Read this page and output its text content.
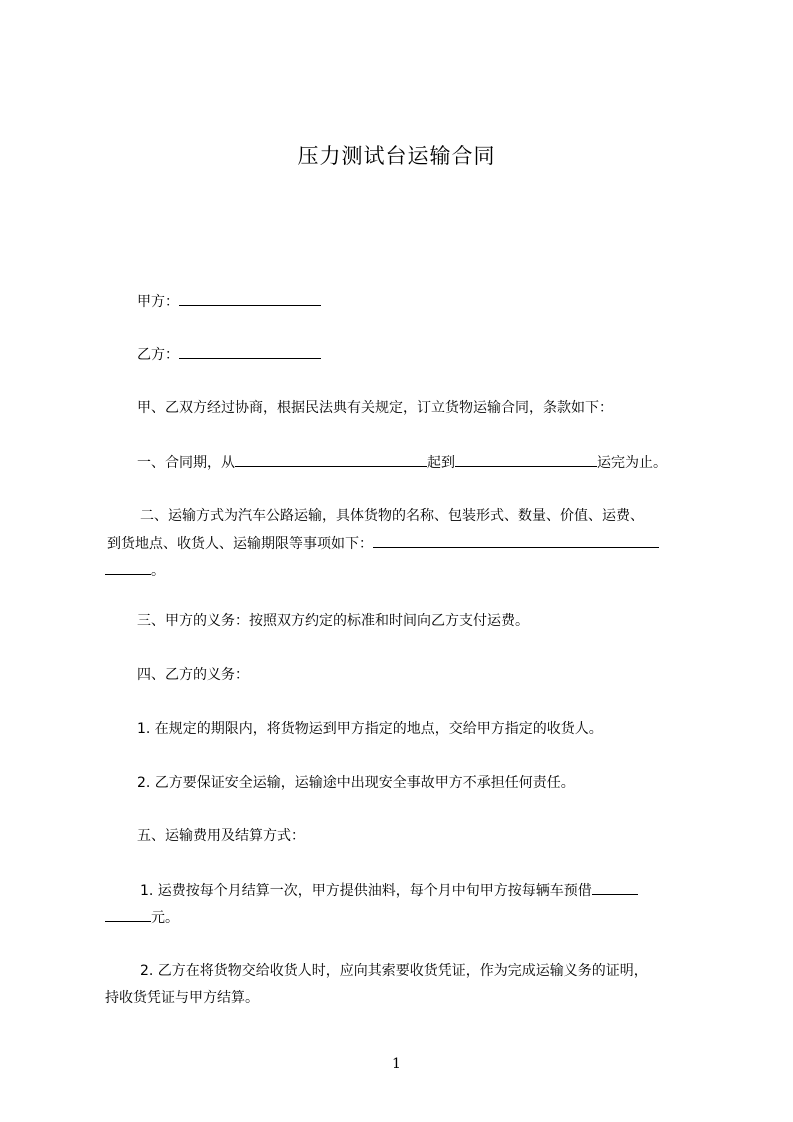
压力测试台运输合同
甲方：
乙方：
甲、乙双方经过协商，根据民法典有关规定，订立货物运输合同，条款如下：
一、合同期，从	起到	运完为止。
二、运输方式为汽车公路运输，具体货物的名称、包装形式、数量、价值、运费、
到货地点、收货人、运输期限等事项如下：
。
三、甲方的义务：按照双方约定的标准和时间向乙方支付运费。
四、乙方的义务：
1. 在规定的期限内，将货物运到甲方指定的地点，交给甲方指定的收货人。
2. 乙方要保证安全运输，运输途中出现安全事故甲方不承担任何责任。
五、运输费用及结算方式：
1. 运费按每个月结算一次，甲方提供油料，每个月中旬甲方按每辆车预借
元。
2. 乙方在将货物交给收货人时，应向其索要收货凭证，作为完成运输义务的证明，
持收货凭证与甲方结算。
1
